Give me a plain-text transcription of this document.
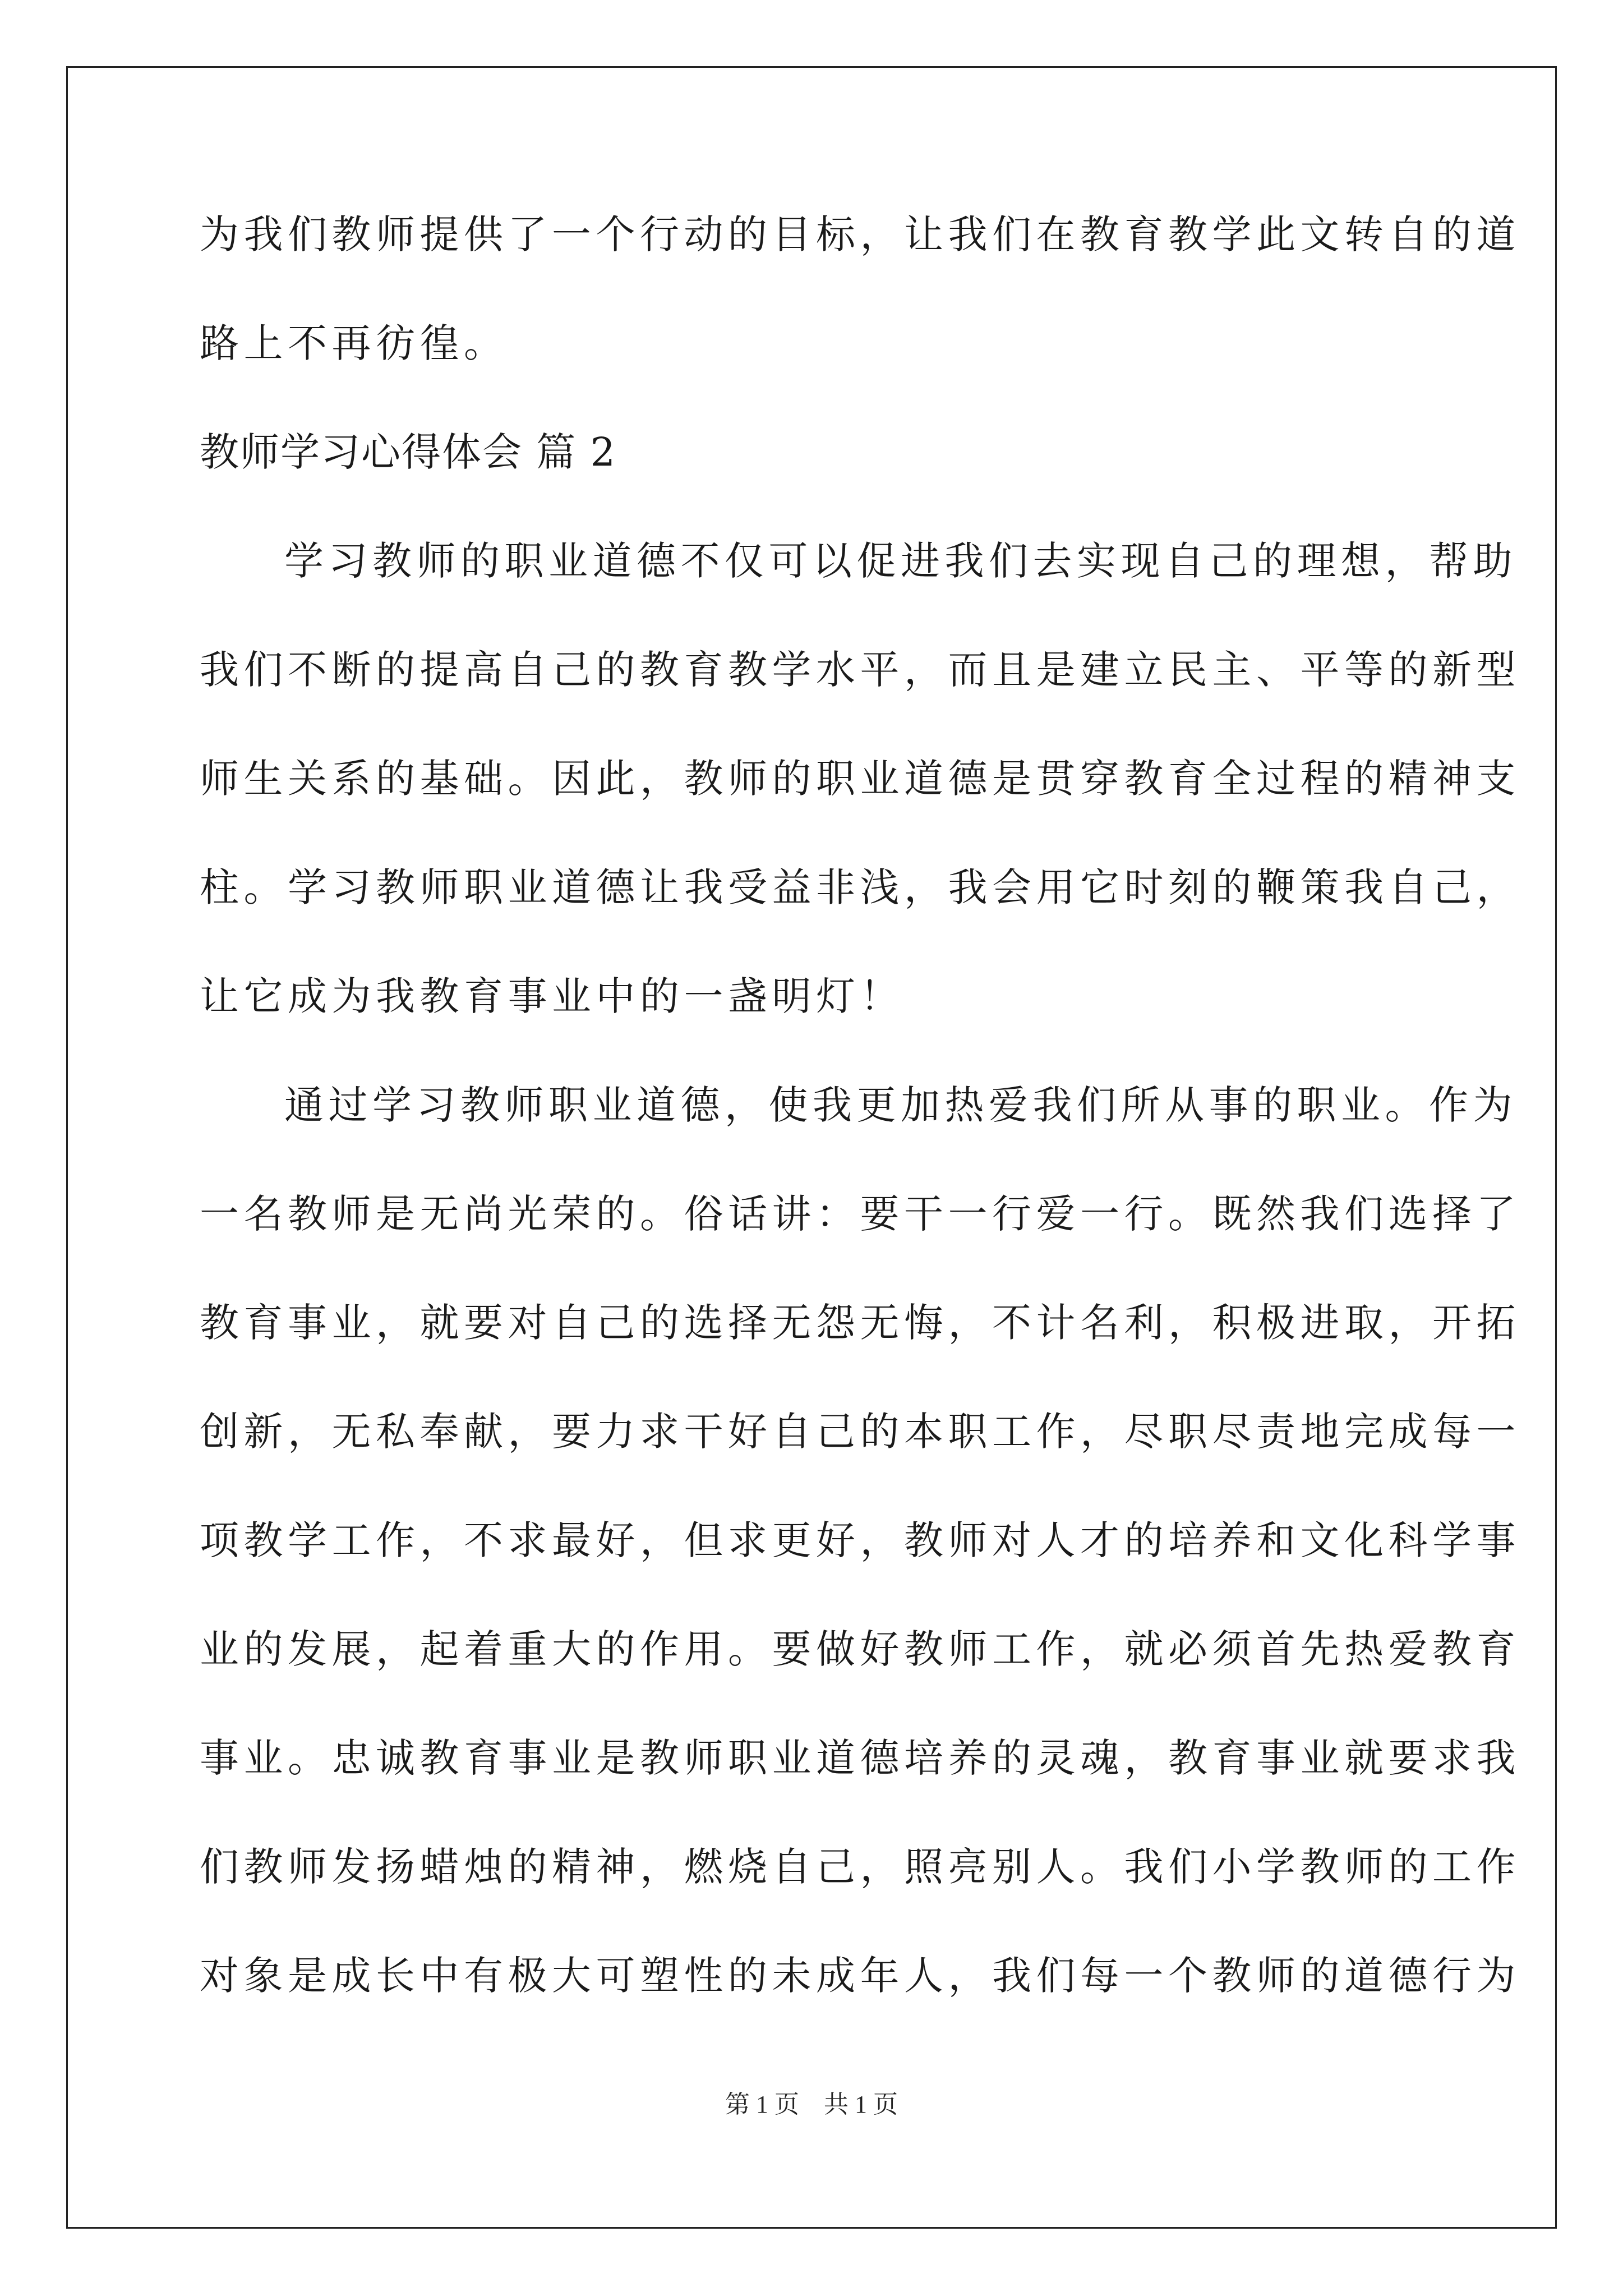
为我们教师提供了一个行动的目标，让我们在教育教学此文转自的道
路上不再彷徨。
教师学习心得体会 篇 2
学习教师的职业道德不仅可以促进我们去实现自己的理想，帮助
我们不断的提高自己的教育教学水平，而且是建立民主、平等的新型
师生关系的基础。因此，教师的职业道德是贯穿教育全过程的精神支
柱。学习教师职业道德让我受益非浅，我会用它时刻的鞭策我自己，
让它成为我教育事业中的一盏明灯！
通过学习教师职业道德，使我更加热爱我们所从事的职业。作为
一名教师是无尚光荣的。俗话讲：要干一行爱一行。既然我们选择了
教育事业，就要对自己的选择无怨无悔，不计名利，积极进取，开拓
创新，无私奉献，要力求干好自己的本职工作，尽职尽责地完成每一
项教学工作，不求最好，但求更好，教师对人才的培养和文化科学事
业的发展，起着重大的作用。要做好教师工作，就必须首先热爱教育
事业。忠诚教育事业是教师职业道德培养的灵魂，教育事业就要求我
们教师发扬蜡烛的精神，燃烧自己，照亮别人。我们小学教师的工作
对象是成长中有极大可塑性的未成年人，我们每一个教师的道德行为
第 1 页    共 1 页
